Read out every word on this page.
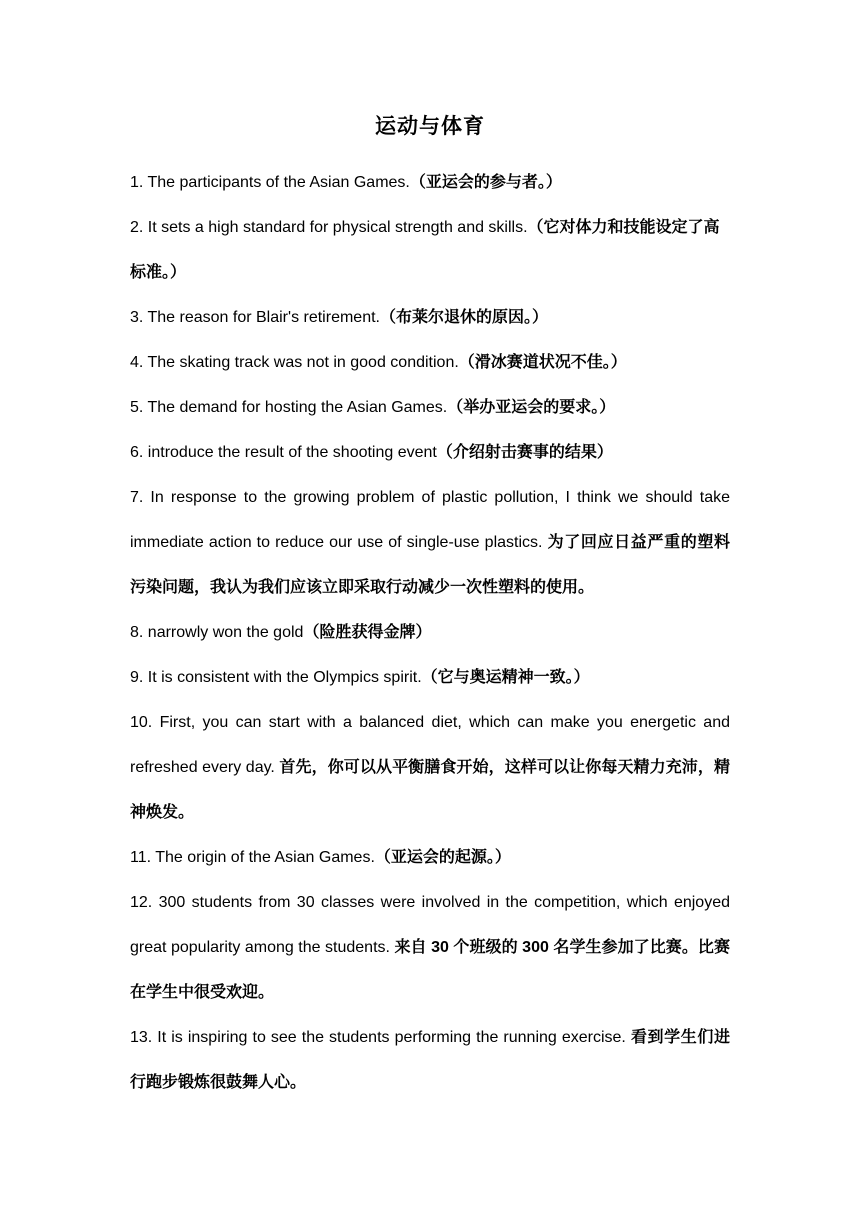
运动与体育

1. The participants of the Asian Games.（亚运会的参与者。）

2. It sets a high standard for physical strength and skills.（它对体力和技能设定了高标准。）

3. The reason for Blair's retirement.（布莱尔退休的原因。）

4. The skating track was not in good condition.（滑冰赛道状况不佳。）

5. The demand for hosting the Asian Games.（举办亚运会的要求。）

6. introduce the result of the shooting event（介绍射击赛事的结果）

7. In response to the growing problem of plastic pollution, I think we should take immediate action to reduce our use of single-use plastics. 为了回应日益严重的塑料污染问题，我认为我们应该立即采取行动减少一次性塑料的使用。

8. narrowly won the gold（险胜获得金牌）

9. It is consistent with the Olympics spirit.（它与奥运精神一致。）

10. First, you can start with a balanced diet, which can make you energetic and refreshed every day. 首先，你可以从平衡膳食开始，这样可以让你每天精力充沛，精神焕发。

11. The origin of the Asian Games.（亚运会的起源。）

12. 300 students from 30 classes were involved in the competition, which enjoyed great popularity among the students. 来自 30 个班级的 300 名学生参加了比赛。比赛在学生中很受欢迎。

13. It is inspiring to see the students performing the running exercise. 看到学生们进行跑步锻炼很鼓舞人心。
